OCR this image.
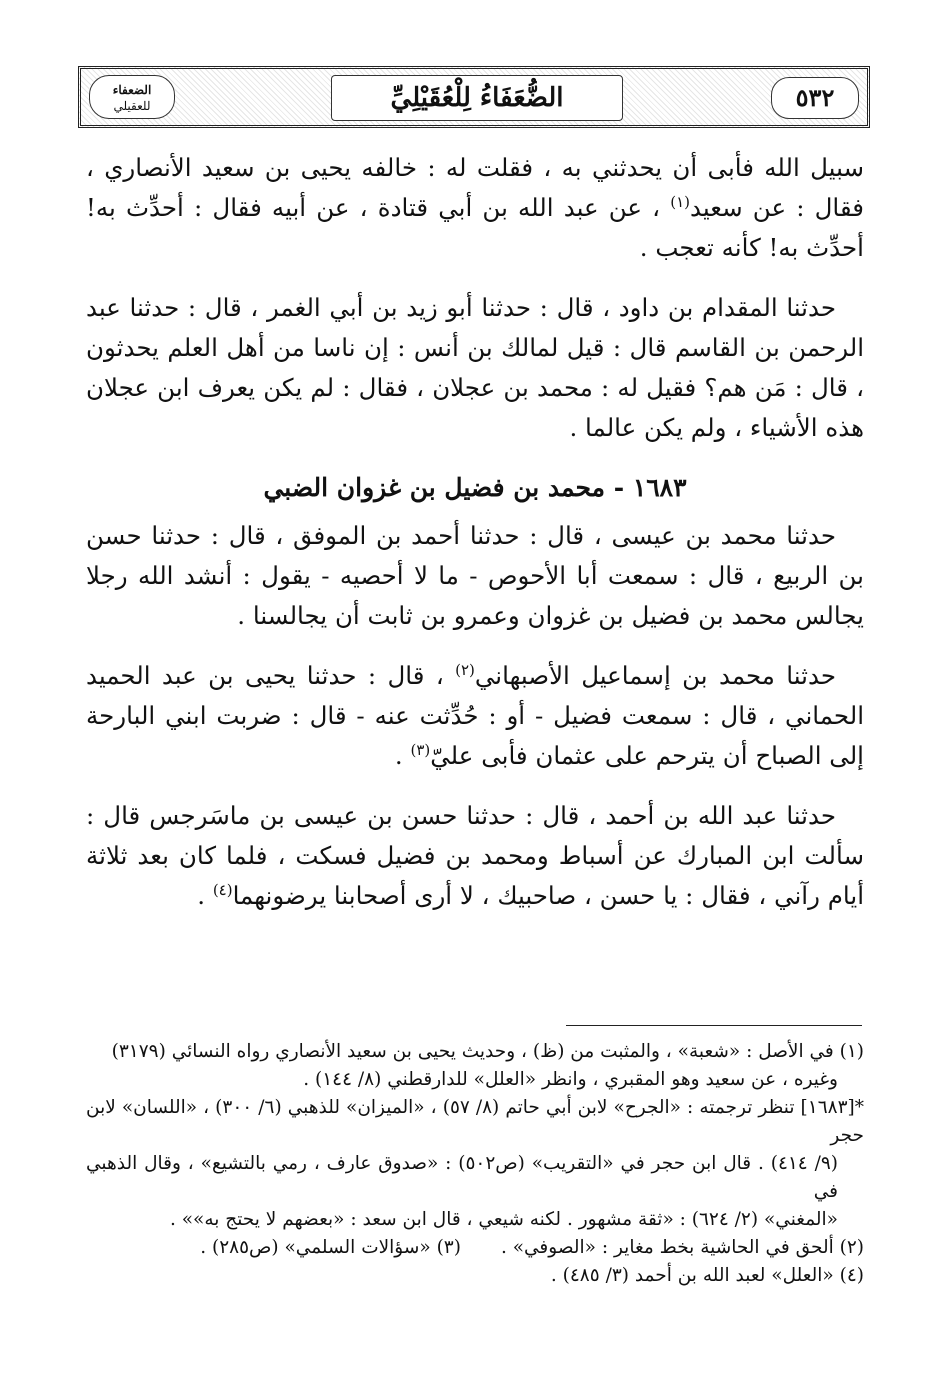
٥٣٢
الضُّعَفَاءُ لِلْعُقَيْلِيِّ
الضعفاء
للعقيلي

سبيل الله فأبى أن يحدثني به ، فقلت له : خالفه يحيى بن سعيد الأنصاري ، فقال : عن سعيد$^{(١)}$ ، عن عبد الله بن أبي قتادة ، عن أبيه فقال : أحدِّث به! أحدِّث به! كأنه تعجب .

حدثنا المقدام بن داود ، قال : حدثنا أبو زيد بن أبي الغمر ، قال : حدثنا عبد الرحمن بن القاسم قال : قيل لمالك بن أنس : إن ناسا من أهل العلم يحدثون ، قال : مَن هم؟ فقيل له : محمد بن عجلان ، فقال : لم يكن يعرف ابن عجلان هذه الأشياء ، ولم يكن عالما .

١٦٨٣ - محمد بن فضيل بن غزوان الضبي

حدثنا محمد بن عيسى ، قال : حدثنا أحمد بن الموفق ، قال : حدثنا حسن بن الربيع ، قال : سمعت أبا الأحوص - ما لا أحصيه - يقول : أنشد الله رجلا يجالس محمد بن فضيل بن غزوان وعمرو بن ثابت أن يجالسنا .

حدثنا محمد بن إسماعيل الأصبهاني$^{(٢)}$ ، قال : حدثنا يحيى بن عبد الحميد الحماني ، قال : سمعت فضيل - أو : حُدِّثت عنه - قال : ضربت ابني البارحة إلى الصباح أن يترحم على عثمان فأبى عليّ$^{(٣)}$ .

حدثنا عبد الله بن أحمد ، قال : حدثنا حسن بن عيسى بن ماسَرجس قال : سألت ابن المبارك عن أسباط ومحمد بن فضيل فسكت ، فلما كان بعد ثلاثة أيام رآني ، فقال : يا حسن ، صاحبيك ، لا أرى أصحابنا يرضونهما$^{(٤)}$ .

(١) في الأصل : «شعبة» ، والمثبت من (ظ) ، وحديث يحيى بن سعيد الأنصاري رواه النسائي (٣١٧٩)

وغيره ، عن سعيد وهو المقبري ، وانظر «العلل» للدارقطني (٨/ ١٤٤) .

*[١٦٨٣] تنظر ترجمته : «الجرح» لابن أبي حاتم (٨/ ٥٧) ، «الميزان» للذهبي (٦/ ٣٠٠) ، «اللسان» لابن حجر

(٩/ ٤١٤) . قال ابن حجر في «التقريب» (ص٥٠٢) : «صدوق عارف ، رمي بالتشيع» ، وقال الذهبي في

«المغني» (٢/ ٦٢٤) : «ثقة مشهور . لكنه شيعي ، قال ابن سعد : «بعضهم لا يحتج به»» .

(٢) ألحق في الحاشية بخط مغاير : «الصوفي» .
(٣) «سؤالات السلمي» (ص٢٨٥) .

(٤) «العلل» لعبد الله بن أحمد (٣/ ٤٨٥) .
